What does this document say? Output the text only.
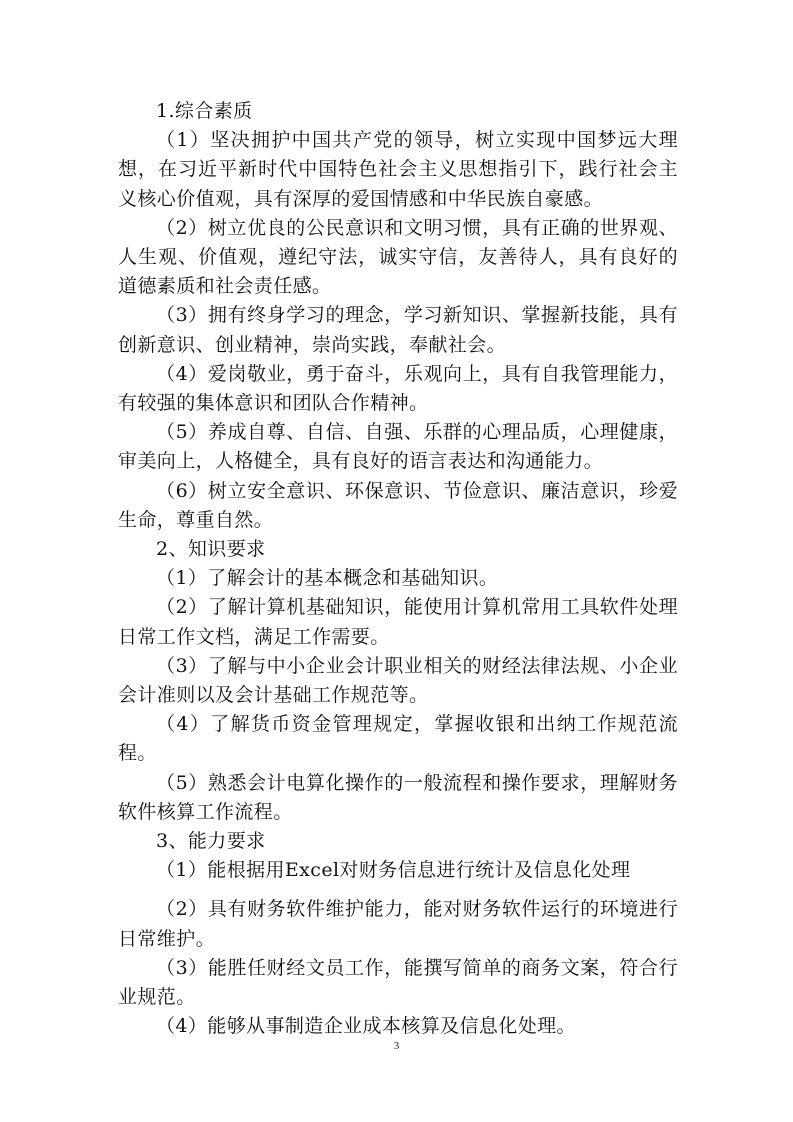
1.综合素质

（1）坚决拥护中国共产党的领导，树立实现中国梦远大理想，在习近平新时代中国特色社会主义思想指引下，践行社会主义核心价值观，具有深厚的爱国情感和中华民族自豪感。

（2）树立优良的公民意识和文明习惯，具有正确的世界观、人生观、价值观，遵纪守法，诚实守信，友善待人，具有良好的道德素质和社会责任感。

（3）拥有终身学习的理念，学习新知识、掌握新技能，具有创新意识、创业精神，崇尚实践，奉献社会。

（4）爱岗敬业，勇于奋斗，乐观向上，具有自我管理能力，有较强的集体意识和团队合作精神。

（5）养成自尊、自信、自强、乐群的心理品质，心理健康，审美向上，人格健全，具有良好的语言表达和沟通能力。

（6）树立安全意识、环保意识、节俭意识、廉洁意识，珍爱生命，尊重自然。

2、知识要求

（1）了解会计的基本概念和基础知识。

（2）了解计算机基础知识，能使用计算机常用工具软件处理日常工作文档，满足工作需要。

（3）了解与中小企业会计职业相关的财经法律法规、小企业会计准则以及会计基础工作规范等。

（4）了解货币资金管理规定，掌握收银和出纳工作规范流程。

（5）熟悉会计电算化操作的一般流程和操作要求，理解财务软件核算工作流程。

3、能力要求

（1）能根据用Excel对财务信息进行统计及信息化处理

（2）具有财务软件维护能力，能对财务软件运行的环境进行日常维护。

（3）能胜任财经文员工作，能撰写简单的商务文案，符合行业规范。

（4）能够从事制造企业成本核算及信息化处理。

3
